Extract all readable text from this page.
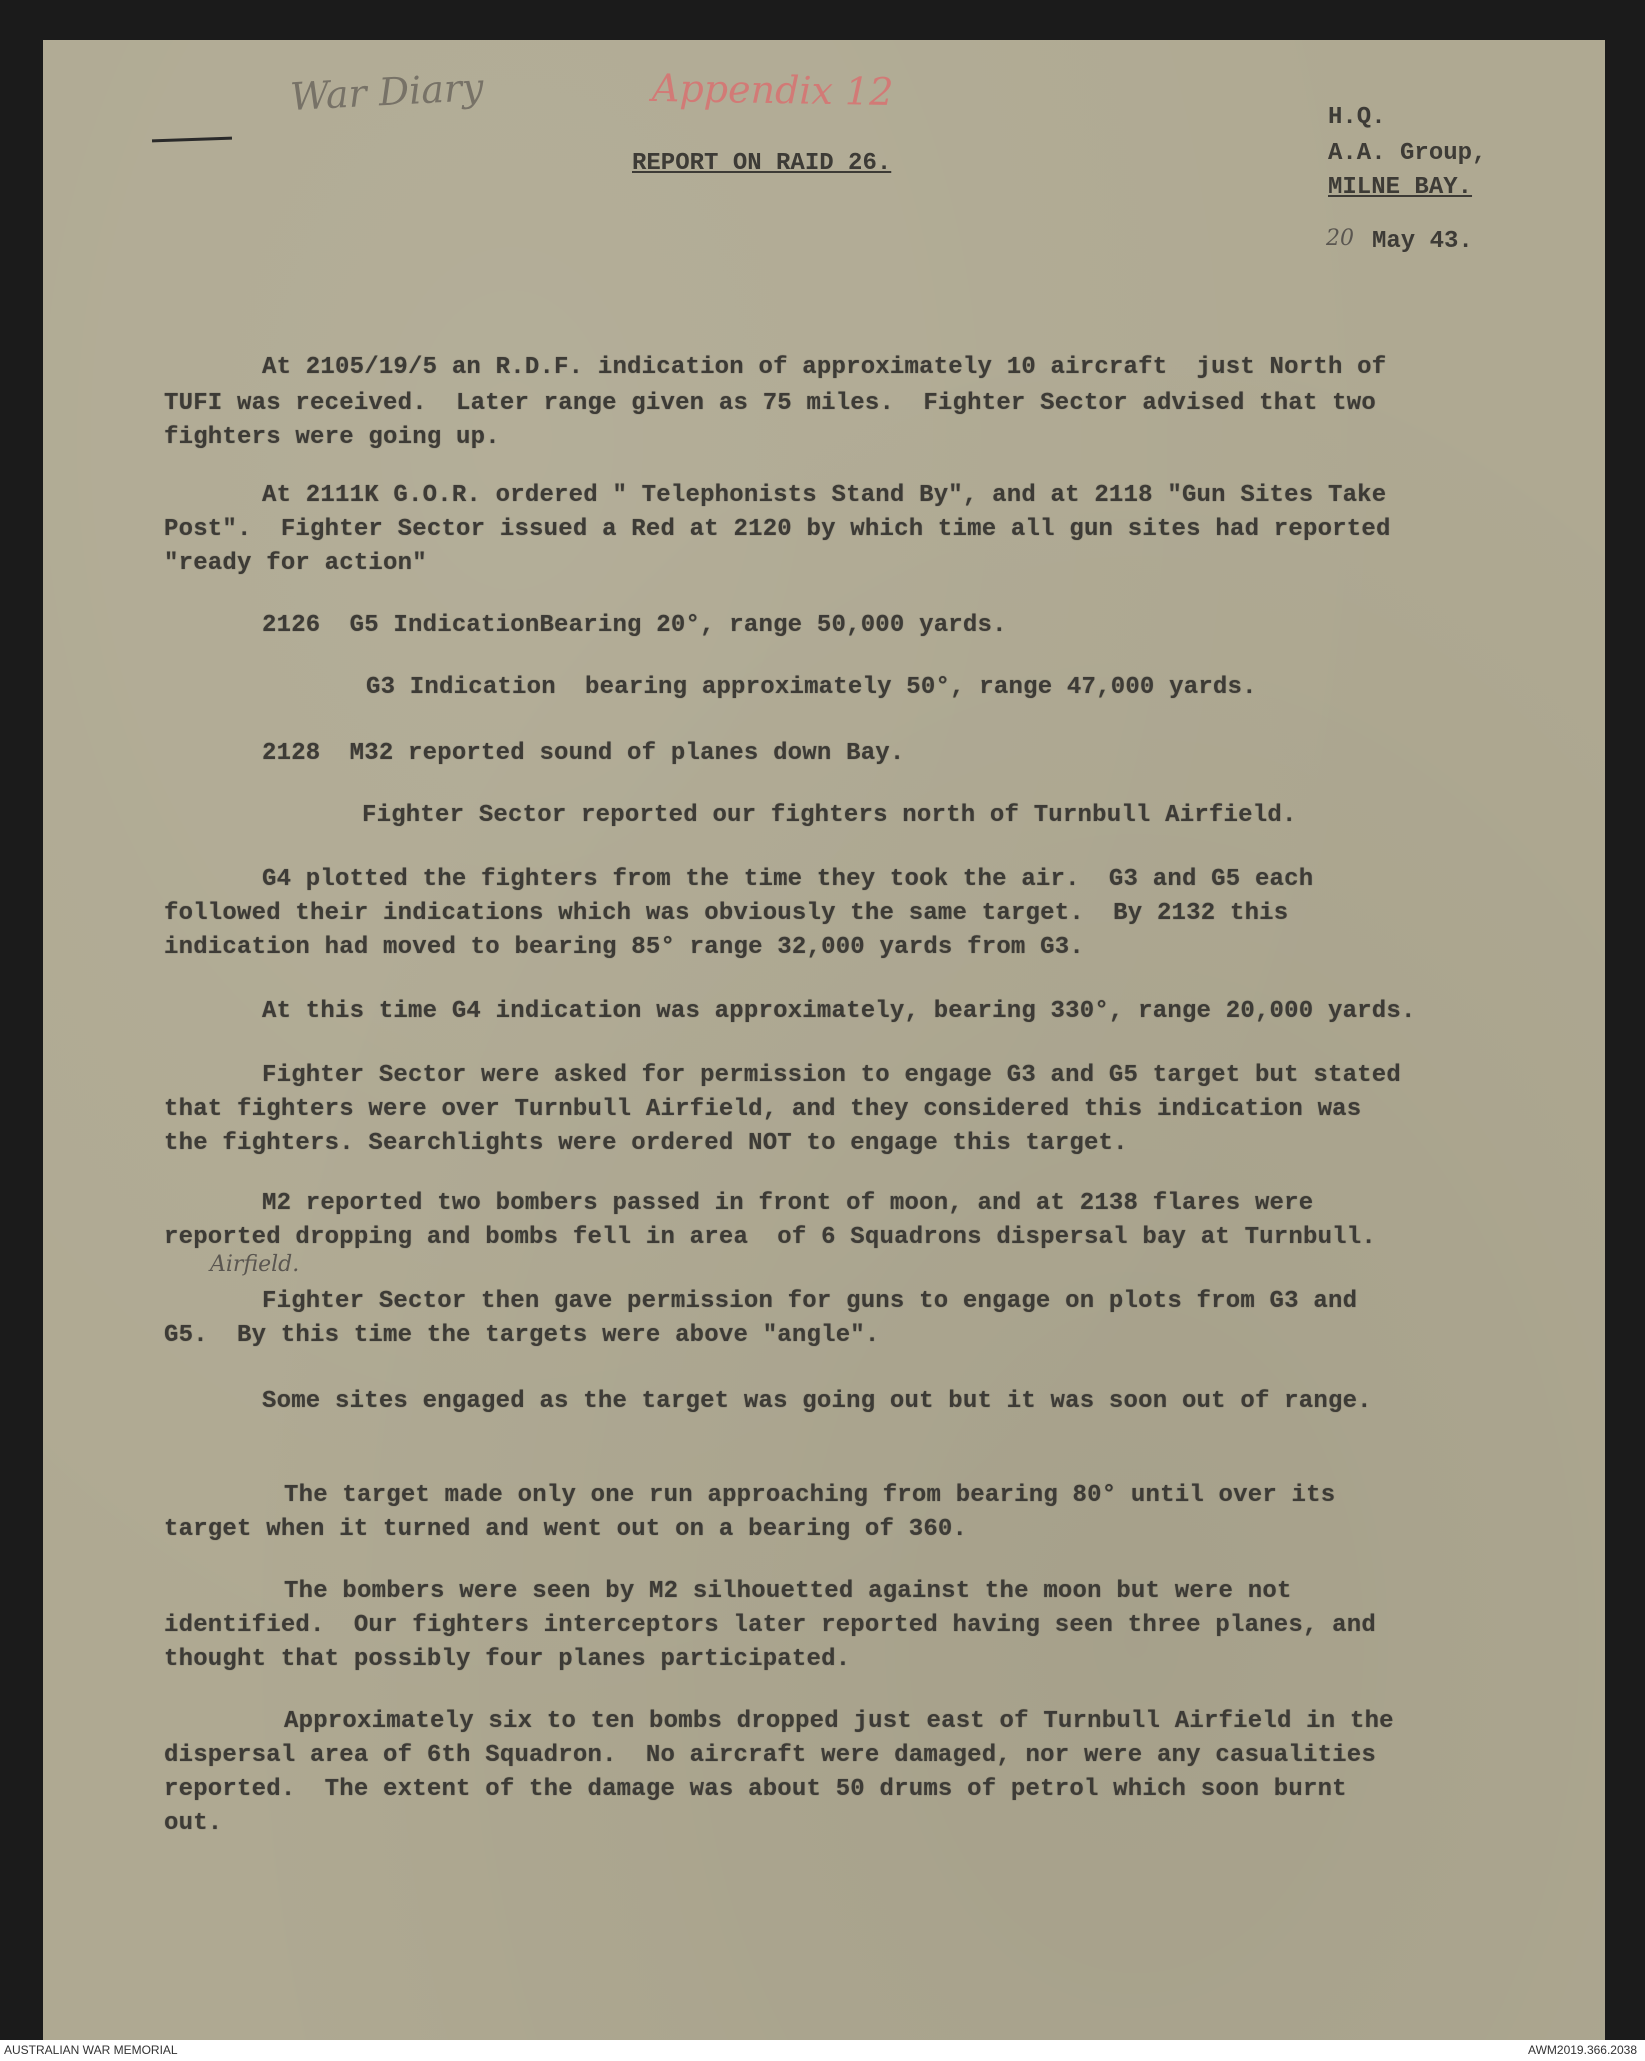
War Diary	Appendix 12
REPORT ON RAID 26.
H.Q.
A.A. Group,
MILNE BAY.
20 May 43.
At 2105/19/5 an R.D.F. indication of approximately 10 aircraft  just North of
TUFI was received.  Later range given as 75 miles.  Fighter Sector advised that two
fighters were going up.
At 2111K G.O.R. ordered " Telephonists Stand By", and at 2118 "Gun Sites Take
Post".  Fighter Sector issued a Red at 2120 by which time all gun sites had reported
"ready for action"
2126  G5 IndicationBearing 20°, range 50,000 yards.
G3 Indication  bearing approximately 50°, range 47,000 yards.
2128  M32 reported sound of planes down Bay.
Fighter Sector reported our fighters north of Turnbull Airfield.
G4 plotted the fighters from the time they took the air.  G3 and G5 each
followed their indications which was obviously the same target.  By 2132 this
indication had moved to bearing 85° range 32,000 yards from G3.
At this time G4 indication was approximately, bearing 330°, range 20,000 yards.
Fighter Sector were asked for permission to engage G3 and G5 target but stated
that fighters were over Turnbull Airfield, and they considered this indication was
the fighters. Searchlights were ordered NOT to engage this target.
M2 reported two bombers passed in front of moon, and at 2138 flares were
reported dropping and bombs fell in area  of 6 Squadrons dispersal bay at Turnbull.
Airfield.
Fighter Sector then gave permission for guns to engage on plots from G3 and
G5.  By this time the targets were above "angle".
Some sites engaged as the target was going out but it was soon out of range.
The target made only one run approaching from bearing 80° until over its
target when it turned and went out on a bearing of 360.
The bombers were seen by M2 silhouetted against the moon but were not
identified.  Our fighters interceptors later reported having seen three planes, and
thought that possibly four planes participated.
Approximately six to ten bombs dropped just east of Turnbull Airfield in the
dispersal area of 6th Squadron.  No aircraft were damaged, nor were any casualities
reported.  The extent of the damage was about 50 drums of petrol which soon burnt
out.
AUSTRALIAN WAR MEMORIAL	AWM2019.366.2038
